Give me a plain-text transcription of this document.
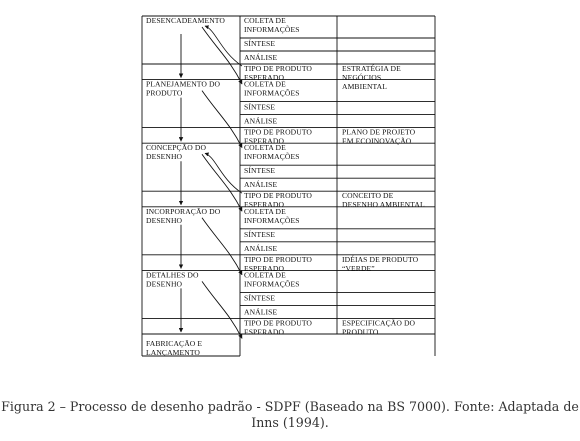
DESENCADEAMENTO	COLETA DE INFORMAÇÕES
SÍNTESE
ANÁLISE
TIPO DE PRODUTO ESPERADO
ESTRATÉGIA DE NEGÓCIOS AMBIENTAL
PLANEJAMENTO DO PRODUTO
COLETA DE INFORMAÇÕES
SÍNTESE
ANÁLISE
TIPO DE PRODUTO ESPERADO
PLANO DE PROJETO EM ECOINOVAÇÃO
CONCEPÇÃO DO DESENHO
COLETA DE INFORMAÇÕES
SÍNTESE
ANÁLISE
TIPO DE PRODUTO ESPERADO
CONCEITO DE DESENHO AMBIENTAL
INCORPORAÇÃO DO DESENHO
COLETA DE INFORMAÇÕES
SÍNTESE
ANÁLISE
TIPO DE PRODUTO ESPERADO
IDÉIAS DE PRODUTO “VERDE”
DETALHES DO DESENHO
COLETA DE INFORMAÇÕES
SÍNTESE
ANÁLISE
TIPO DE PRODUTO ESPERADO
ESPECIFICAÇÃO DO PRODUTO
FABRICAÇÃO E LANÇAMENTO
Figura 2 – Processo de desenho padrão - SDPF (Baseado na BS 7000). Fonte: Adaptada de Inns (1994).
